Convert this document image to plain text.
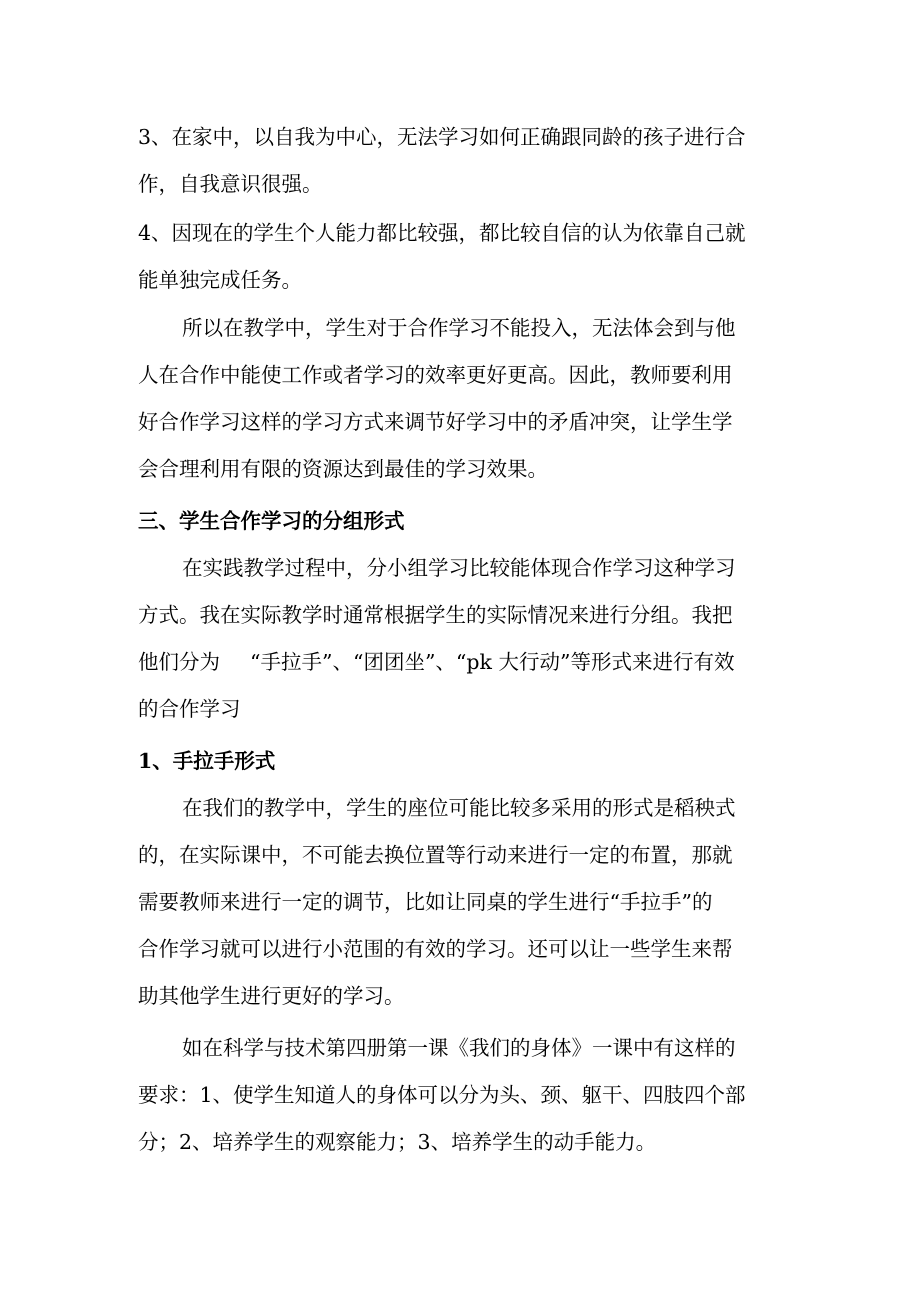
3、在家中，以自我为中心，无法学习如何正确跟同龄的孩子进行合
作，自我意识很强。
4、因现在的学生个人能力都比较强，都比较自信的认为依靠自己就
能单独完成任务。
所以在教学中，学生对于合作学习不能投入，无法体会到与他
人在合作中能使工作或者学习的效率更好更高。因此，教师要利用
好合作学习这样的学习方式来调节好学习中的矛盾冲突，让学生学
会合理利用有限的资源达到最佳的学习效果。
三、学生合作学习的分组形式
在实践教学过程中，分小组学习比较能体现合作学习这种学习
方式。我在实际教学时通常根据学生的实际情况来进行分组。我把
他们分为 “手拉手”、“团团坐”、“pk 大行动”等形式来进行有效
的合作学习
1、手拉手形式
在我们的教学中，学生的座位可能比较多采用的形式是稻秧式
的，在实际课中，不可能去换位置等行动来进行一定的布置，那就
需要教师来进行一定的调节，比如让同桌的学生进行“手拉手”的
合作学习就可以进行小范围的有效的学习。还可以让一些学生来帮
助其他学生进行更好的学习。
如在科学与技术第四册第一课《我们的身体》一课中有这样的
要求：1、使学生知道人的身体可以分为头、颈、躯干、四肢四个部
分；2、培养学生的观察能力；3、培养学生的动手能力。
